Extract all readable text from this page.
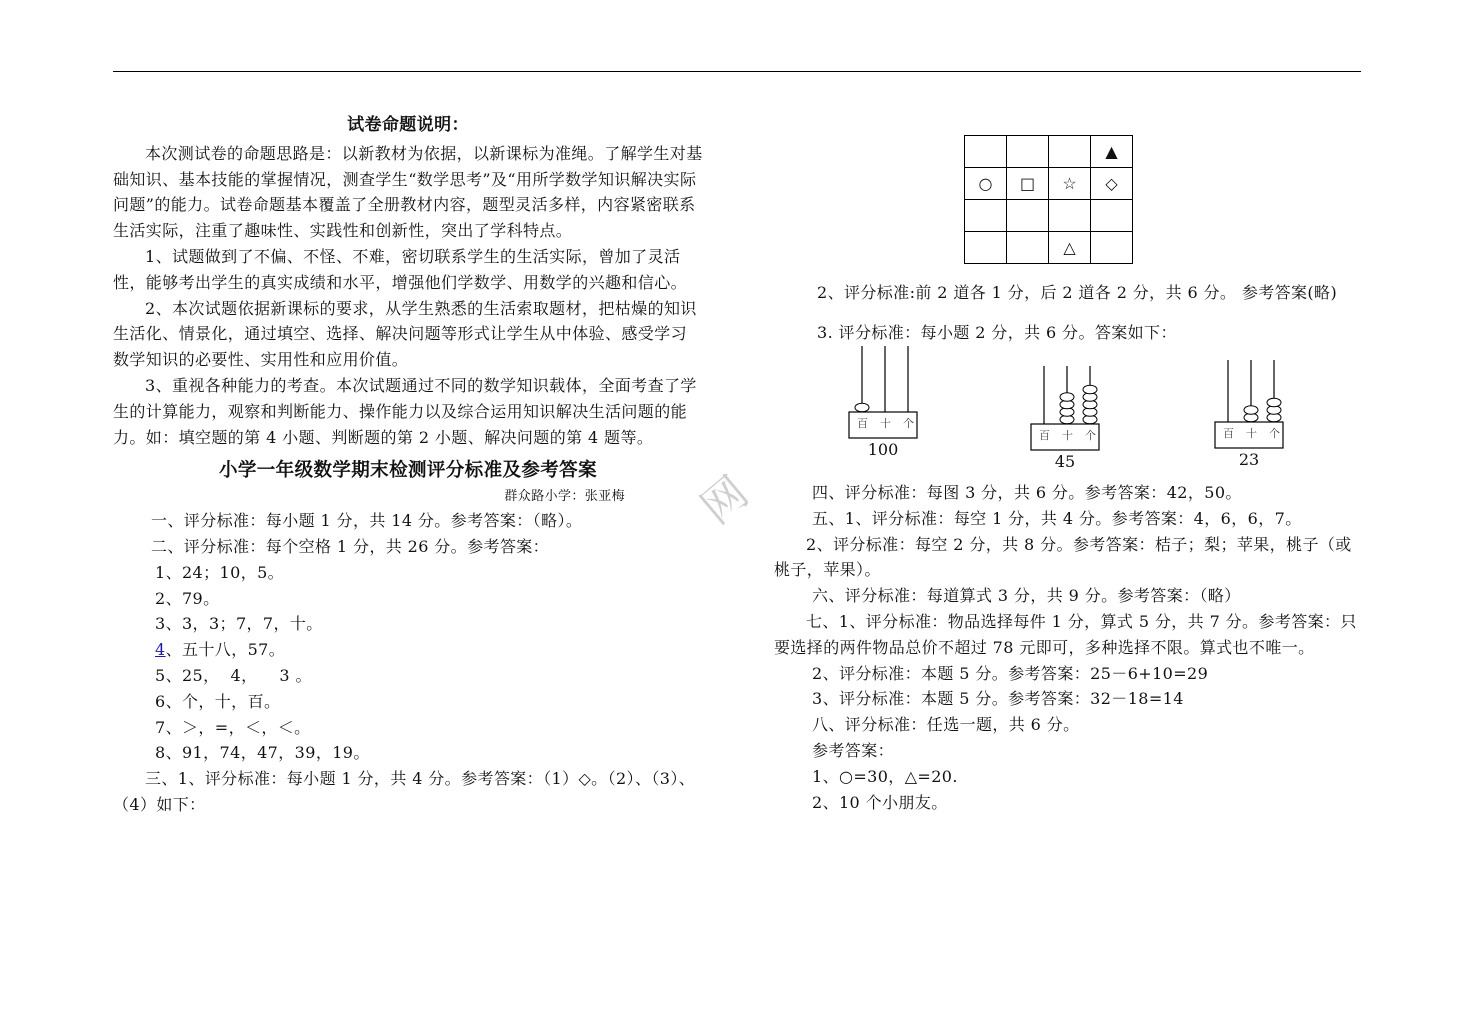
网
试卷命题说明：

本次测试卷的命题思路是：以新教材为依据，以新课标为准绳。了解学生对基础知识、基本技能的掌握情况，测查学生“数学思考”及“用所学数学知识解决实际问题”的能力。试卷命题基本覆盖了全册教材内容，题型灵活多样，内容紧密联系生活实际，注重了趣味性、实践性和创新性，突出了学科特点。

1、试题做到了不偏、不怪、不难，密切联系学生的生活实际，曾加了灵活性，能够考出学生的真实成绩和水平，增强他们学数学、用数学的兴趣和信心。

2、本次试题依据新课标的要求，从学生熟悉的生活索取题材，把枯燥的知识生活化、情景化，通过填空、选择、解决问题等形式让学生从中体验、感受学习数学知识的必要性、实用性和应用价值。

3、重视各种能力的考查。本次试题通过不同的数学知识载体，全面考查了学生的计算能力，观察和判断能力、操作能力以及综合运用知识解决生活问题的能力。如：填空题的第 4 小题、判断题的第 2 小题、解决问题的第 4 题等。

小学一年级数学期末检测评分标准及参考答案

群众路小学：张亚梅

一、评分标准：每小题 1 分，共 14 分。参考答案：（略）。

二、评分标准：每个空格 1 分，共 26 分。参考答案：

1、24；10，5。

2、79。

3、3，3；7，7，十。

4、五十八，57。

5、25，  4，    3 。

6、个，十，百。

7、＞，=，＜，＜。

8、91，74，47，39，19。

三、1、评分标准：每小题 1 分，共 4 分。参考答案：（1）◇。（2）、（3）、（4）如下：

			▲
○	□	☆	◇

		△	
2、评分标准:前 2 道各 1 分，后 2 道各 2 分，共 6 分。 参考答案(略)
3. 评分标准：每小题 2 分，共 6 分。答案如下：
百 十 个
100
百 十 个
45
百 十 个
23

四、评分标准：每图 3 分，共 6 分。参考答案：42，50。

五、1、评分标准：每空 1 分，共 4 分。参考答案：4，6，6，7。

2、评分标准：每空 2 分，共 8 分。参考答案：桔子；梨；苹果，桃子（或桃子，苹果）。

六、评分标准：每道算式 3 分，共 9 分。参考答案：（略）

七、1、评分标准：物品选择每件 1 分，算式 5 分，共 7 分。参考答案：只要选择的两件物品总价不超过 78 元即可，多种选择不限。算式也不唯一。

2、评分标准：本题 5 分。参考答案：25－6+10=29

3、评分标准：本题 5 分。参考答案：32－18=14

八、评分标准：任选一题，共 6 分。

参考答案：

1、○=30，△=20.

2、10 个小朋友。
